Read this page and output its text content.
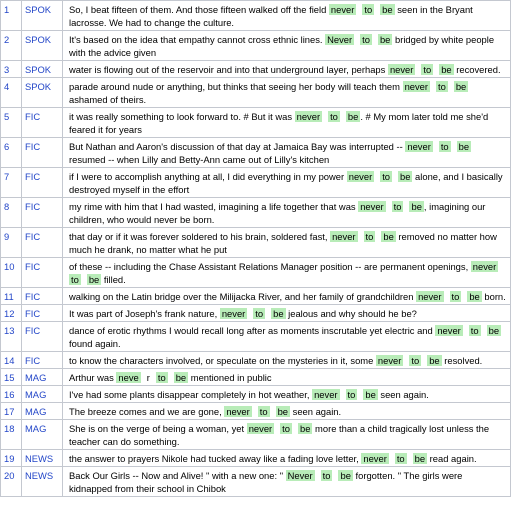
1	SPOK	So, I beat fifteen of them. And those fifteen walked off the field never to be seen in the Bryant lacrosse. We had to change the culture.
2	SPOK	It's based on the idea that empathy cannot cross ethnic lines. Never to be bridged by white people with the advice given
3	SPOK	water is flowing out of the reservoir and into that underground layer, perhaps never to be recovered.
4	SPOK	parade around nude or anything, but thinks that seeing her body will teach them never to be ashamed of theirs.
5	FIC	it was really something to look forward to. # But it was never to be . # My mom later told me she'd feared it for years
6	FIC	But Nathan and Aaron's discussion of that day at Jamaica Bay was interrupted -- never to be resumed -- when Lilly and Betty-Ann came out of Lilly's kitchen
7	FIC	if I were to accomplish anything at all, I did everything in my power never to be alone, and I basically destroyed myself in the effort
8	FIC	my rime with him that I had wasted, imagining a life together that was never to be , imagining our children, who would never be born.
9	FIC	that day or if it was forever soldered to his brain, soldered fast, never to be removed no matter how much he drank, no matter what he put
10	FIC	of these -- including the Chase Assistant Relations Manager position -- are permanent openings, neverto be filled.
11	FIC	walking on the Latin bridge over the Milijacka River, and her family of grandchildren never to be born.
12	FIC	It was part of Joseph's frank nature, never to be jealous and why should he be?
13	FIC	dance of erotic rhythms I would recall long after as moments inscrutable yet electric and never to be found again.
14	FIC	to know the characters involved, or speculate on the mysteries in it, some never to be resolved.
15	MAG	Arthur was neve r to be mentioned in public
16	MAG	I've had some plants disappear completely in hot weather, never to be seen again.
17	MAG	The breeze comes and we are gone, never to be seen again.
18	MAG	She is on the verge of being a woman, yet never to be more than a child tragically lost unless the teacher can do something.
19	NEWS	the answer to prayers Nikole had tucked away like a fading love letter, never to be read again.
20	NEWS	Back Our Girls -- Now and Alive! " with a new one: " Never to be forgotten. " The girls were kidnapped from their school in Chibok
